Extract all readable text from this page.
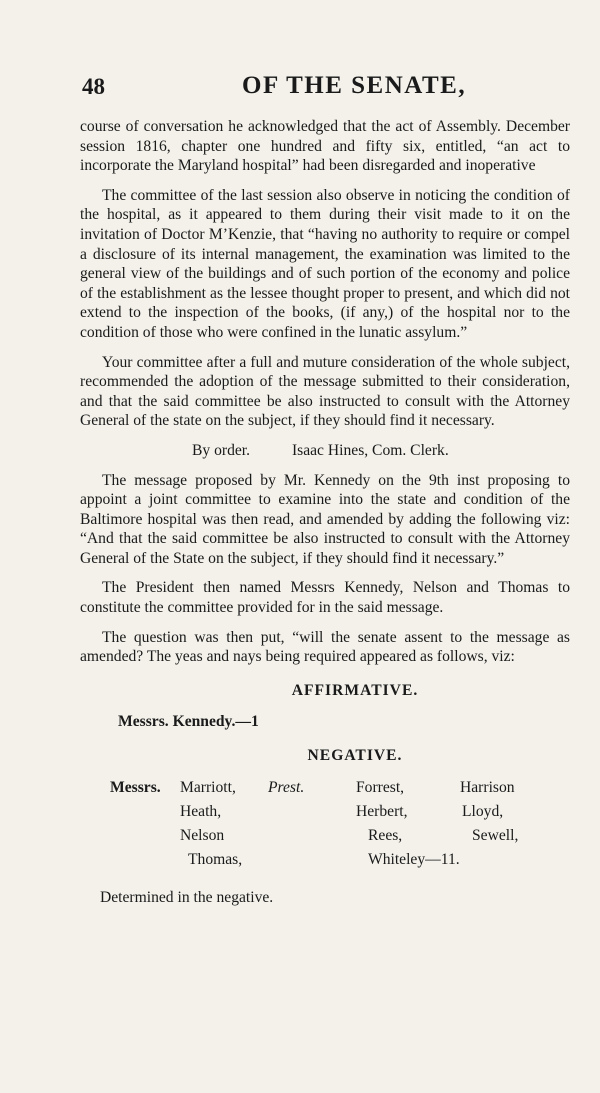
48	OF THE SENATE,

course of conversation he acknowledged that the act of Assembly. December session 1816, chapter one hundred and fifty six, entitled, “an act to incorporate the Maryland hospital” had been disregarded and inoperative

The committee of the last session also observe in noticing the condition of the hospital, as it appeared to them during their visit made to it on the invitation of Doctor M’Kenzie, that “having no authority to require or compel a disclosure of its internal management, the examination was limited to the general view of the buildings and of such portion of the economy and police of the establishment as the lessee thought proper to present, and which did not extend to the inspection of the books, (if any,) of the hospital nor to the condition of those who were confined in the lunatic assylum.”

Your committee after a full and muture consideration of the whole subject, recommended the adoption of the message submitted to their consideration, and that the said committee be also instructed to consult with the Attorney General of the state on the subject, if they should find it necessary.

By order.	Isaac Hines, Com. Clerk.

The message proposed by Mr. Kennedy on the 9th inst proposing to appoint a joint committee to examine into the state and condition of the Baltimore hospital was then read, and amended by adding the following viz: “And that the said committee be also instructed to consult with the Attorney General of the State on the subject, if they should find it necessary.”

The President then named Messrs Kennedy, Nelson and Thomas to constitute the committee provided for in the said message.

The question was then put, “will the senate assent to the message as amended? The yeas and nays being required appeared as follows, viz:

AFFIRMATIVE.
Messrs. Kennedy.—1
NEGATIVE.
Messrs. Marriott, Prest.	Forrest,	Harrison
Heath,	Herbert,	Lloyd,
Nelson	Rees,	Sewell,
Thomas,	Whiteley—11.
Determined in the negative.
